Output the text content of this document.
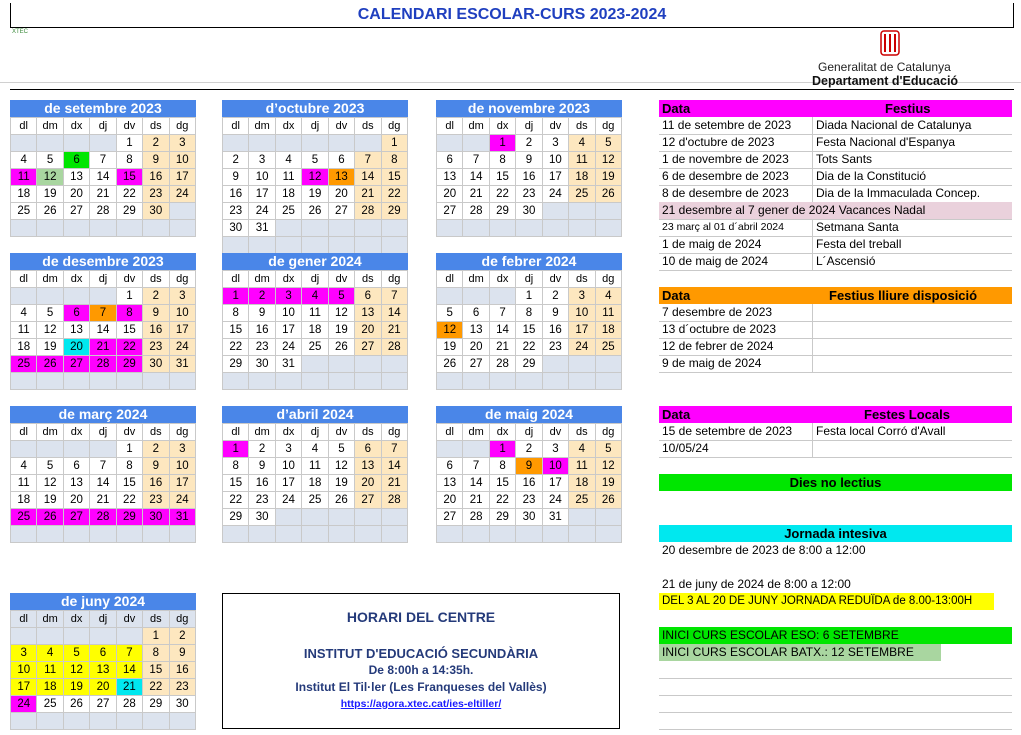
CALENDARI ESCOLAR-CURS 2023-2024
XTEC
Generalitat de Catalunya
Departament d'Educació
de setembre 2023
dl	dm	dx	dj	dv	ds	dg
				1	2	3
4	5	6	7	8	9	10
11	12	13	14	15	16	17
18	19	20	21	22	23	24
25	26	27	28	29	30	

d’octubre 2023
dl	dm	dx	dj	dv	ds	dg
						1
2	3	4	5	6	7	8
9	10	11	12	13	14	15
16	17	18	19	20	21	22
23	24	25	26	27	28	29
30	31					

de novembre 2023
dl	dm	dx	dj	dv	ds	dg
		1	2	3	4	5
6	7	8	9	10	11	12
13	14	15	16	17	18	19
20	21	22	23	24	25	26
27	28	29	30			

de desembre 2023
dl	dm	dx	dj	dv	ds	dg
				1	2	3
4	5	6	7	8	9	10
11	12	13	14	15	16	17
18	19	20	21	22	23	24
25	26	27	28	29	30	31

de gener 2024
dl	dm	dx	dj	dv	ds	dg
1	2	3	4	5	6	7
8	9	10	11	12	13	14
15	16	17	18	19	20	21
22	23	24	25	26	27	28
29	30	31				

de febrer 2024
dl	dm	dx	dj	dv	ds	dg
			1	2	3	4
5	6	7	8	9	10	11
12	13	14	15	16	17	18
19	20	21	22	23	24	25
26	27	28	29			

de març 2024
dl	dm	dx	dj	dv	ds	dg
				1	2	3
4	5	6	7	8	9	10
11	12	13	14	15	16	17
18	19	20	21	22	23	24
25	26	27	28	29	30	31

d’abril 2024
dl	dm	dx	dj	dv	ds	dg
1	2	3	4	5	6	7
8	9	10	11	12	13	14
15	16	17	18	19	20	21
22	23	24	25	26	27	28
29	30					

de maig 2024
dl	dm	dx	dj	dv	ds	dg
		1	2	3	4	5
6	7	8	9	10	11	12
13	14	15	16	17	18	19
20	21	22	23	24	25	26
27	28	29	30	31		

de juny 2024
dl	dm	dx	dj	dv	ds	dg
					1	2
3	4	5	6	7	8	9
10	11	12	13	14	15	16
17	18	19	20	21	22	23
24	25	26	27	28	29	30

Data	Festius
11 de setembre de 2023 Diada Nacional de Catalunya
12 d'octubre de 2023	Festa Nacional d'Espanya
1 de novembre de 2023 Tots Sants
6 de desembre de 2023 Dia de la Constitució
8 de desembre de 2023 Dia de la Immaculada Concep.
21 desembre al 7 gener de 2024 Vacances Nadal
23 març al 01 d´abril 2024	Setmana Santa
1 de maig de 2024	Festa del treball
10 de maig de 2024	L´Ascensió
Data	Festius lliure disposició
7 desembre de 2023
13 d´octubre de 2023
12 de febrer de 2024
9 de maig de 2024
Data	Festes Locals
15 de setembre de 2023 Festa local Corró d'Avall
10/05/24
Dies no lectius
Jornada intesiva
20 desembre de 2023 de 8:00 a 12:00
21 de juny de 2024 de 8:00 a 12:00
DEL 3 AL 20 DE JUNY JORNADA REDUÏDA de 8.00-13:00H
INICI CURS ESCOLAR ESO: 6 SETEMBRE
INICI CURS ESCOLAR BATX.: 12 SETEMBRE
HORARI DEL CENTRE
INSTITUT D'EDUCACIÓ SECUNDÀRIA
De 8:00h a 14:35h.
Institut El Til·ler (Les Franqueses del Vallès)
https://agora.xtec.cat/ies-eltiller/
